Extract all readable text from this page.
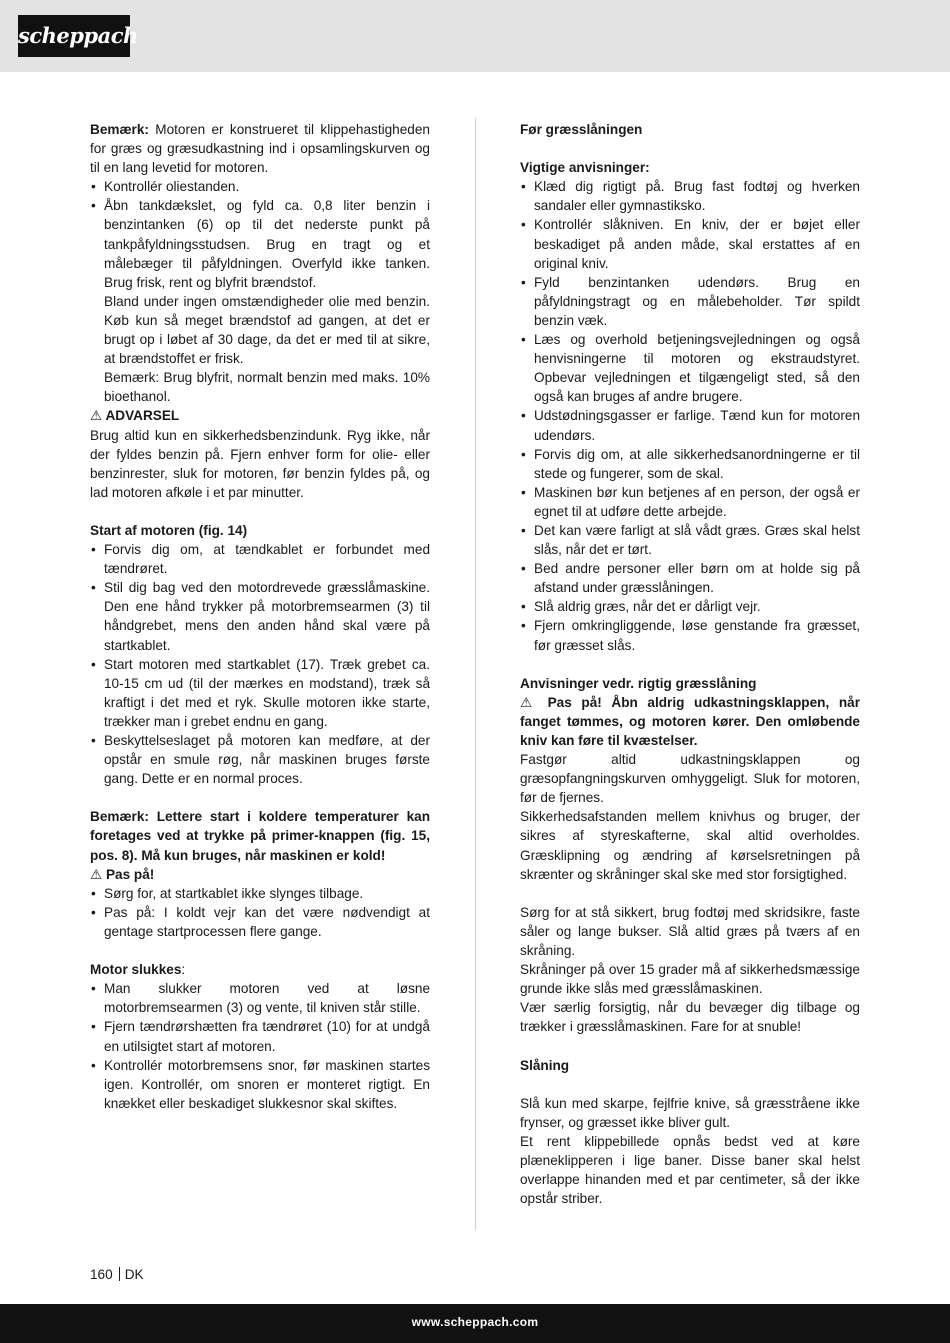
scheppach

Bemærk: Motoren er konstrueret til klippehastigheden for græs og græsudkastning ind i opsamlingskurven og til en lang levetid for motoren.

• Kontrollér oliestanden.
• Åbn tankdækslet, og fyld ca. 0,8 liter benzin i benzintanken (6) op til det nederste punkt på tankpåfyldningsstudsen. Brug en tragt og et målebæger til påfyldningen. Overfyld ikke tanken. Brug frisk, rent og blyfrit brændstof.

Bland under ingen omstændigheder olie med benzin. Køb kun så meget brændstof ad gangen, at det er brugt op i løbet af 30 dage, da det er med til at sikre, at brændstoffet er frisk.

Bemærk: Brug blyfrit, normalt benzin med maks. 10% bioethanol.

⚠ ADVARSEL

Brug altid kun en sikkerhedsbenzindunk. Ryg ikke, når der fyldes benzin på. Fjern enhver form for olie- eller benzinrester, sluk for motoren, før benzin fyldes på, og lad motoren afkøle i et par minutter.

Start af motoren (fig. 14)

• Forvis dig om, at tændkablet er forbundet med tændrøret.
• Stil dig bag ved den motordrevede græsslåmaskine. Den ene hånd trykker på motorbremsearmen (3) til håndgrebet, mens den anden hånd skal være på startkablet.
• Start motoren med startkablet (17). Træk grebet ca. 10-15 cm ud (til der mærkes en modstand), træk så kraftigt i det med et ryk. Skulle motoren ikke starte, trækker man i grebet endnu en gang.
• Beskyttelseslaget på motoren kan medføre, at der opstår en smule røg, når maskinen bruges første gang. Dette er en normal proces.

Bemærk: Lettere start i koldere temperaturer kan foretages ved at trykke på primer-knappen (fig. 15, pos. 8). Må kun bruges, når maskinen er kold!

⚠ Pas på!

• Sørg for, at startkablet ikke slynges tilbage.
• Pas på: I koldt vejr kan det være nødvendigt at gentage startprocessen flere gange.

Motor slukkes:

• Man slukker motoren ved at løsne motorbremsearmen (3) og vente, til kniven står stille.
• Fjern tændrørshætten fra tændrøret (10) for at undgå en utilsigtet start af motoren.
• Kontrollér motorbremsens snor, før maskinen startes igen. Kontrollér, om snoren er monteret rigtigt. En knækket eller beskadiget slukkesnor skal skiftes.

Før græsslåningen

Vigtige anvisninger:

• Klæd dig rigtigt på. Brug fast fodtøj og hverken sandaler eller gymnastiksko.
• Kontrollér slåkniven. En kniv, der er bøjet eller beskadiget på anden måde, skal erstattes af en original kniv.
• Fyld benzintanken udendørs. Brug en påfyldningstragt og en målebeholder. Tør spildt benzin væk.
• Læs og overhold betjeningsvejledningen og også henvisningerne til motoren og ekstraudstyret. Opbevar vejledningen et tilgængeligt sted, så den også kan bruges af andre brugere.
• Udstødningsgasser er farlige. Tænd kun for motoren udendørs.
• Forvis dig om, at alle sikkerhedsanordningerne er til stede og fungerer, som de skal.
• Maskinen bør kun betjenes af en person, der også er egnet til at udføre dette arbejde.
• Det kan være farligt at slå vådt græs. Græs skal helst slås, når det er tørt.
• Bed andre personer eller børn om at holde sig på afstand under græsslåningen.
• Slå aldrig græs, når det er dårligt vejr.
• Fjern omkringliggende, løse genstande fra græsset, før græsset slås.

Anvisninger vedr. rigtig græsslåning

⚠ Pas på! Åbn aldrig udkastningsklappen, når fanget tømmes, og motoren kører. Den omløbende kniv kan føre til kvæstelser.

Fastgør altid udkastningsklappen og græsopfangningskurven omhyggeligt. Sluk for motoren, før de fjernes.

Sikkerhedsafstanden mellem knivhus og bruger, der sikres af styreskafterne, skal altid overholdes. Græsklipning og ændring af kørselsretningen på skrænter og skråninger skal ske med stor forsigtighed.

Sørg for at stå sikkert, brug fodtøj med skridsikre, faste såler og lange bukser. Slå altid græs på tværs af en skråning.

Skråninger på over 15 grader må af sikkerhedsmæssige grunde ikke slås med græsslåmaskinen.

Vær særlig forsigtig, når du bevæger dig tilbage og trækker i græsslåmaskinen. Fare for at snuble!

Slåning

Slå kun med skarpe, fejlfrie knive, så græsstråene ikke frynser, og græsset ikke bliver gult.

Et rent klippebillede opnås bedst ved at køre plæneklipperen i lige baner. Disse baner skal helst overlappe hinanden med et par centimeter, så der ikke opstår striber.

160 DK
www.scheppach.com
